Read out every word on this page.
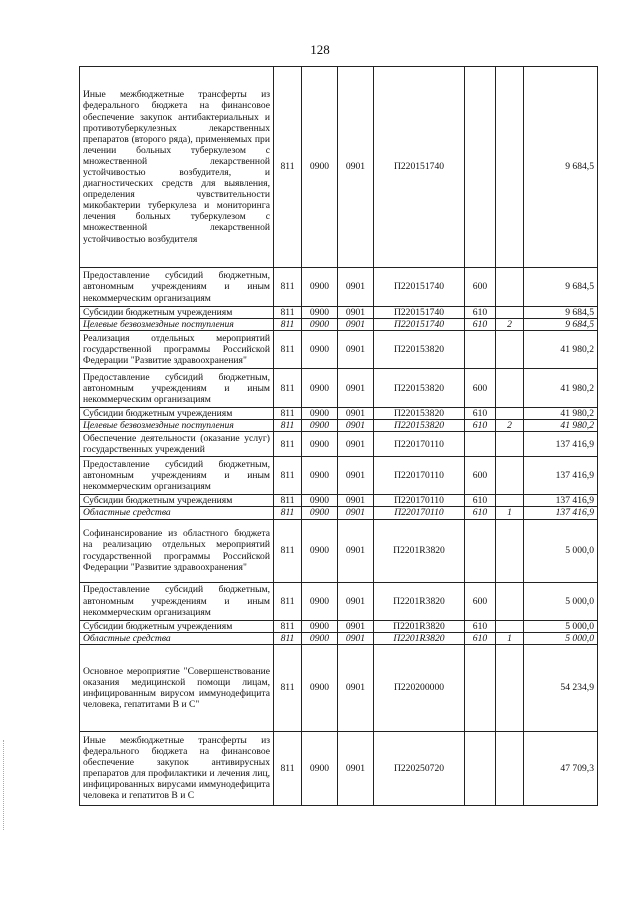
128
Иные межбюджетные трансферты из федерального бюджета на финансовое обеспечение закупок антибактериальных и противотуберкулезных лекарственных препаратов (второго ряда), применяемых при лечении больных туберкулезом с множественной лекарственной устойчивостью возбудителя, и диагностических средств для выявления, определения чувствительности микобактерии туберкулеза и мониторинга лечения больных туберкулезом с множественной лекарственной устойчивостью возбудителя	811	0900	0901	П220151740			9 684,5
Предоставление субсидий бюджетным, автономным учреждениям и иным некоммерческим организациям	811	0900	0901	П220151740	600		9 684,5
Субсидии бюджетным учреждениям	811	0900	0901	П220151740	610		9 684,5
Целевые безвозмездные поступления	811	0900	0901	П220151740	610	2	9 684,5
Реализация отдельных мероприятий государственной программы Российской Федерации "Развитие здравоохранения"	811	0900	0901	П220153820			41 980,2
Предоставление субсидий бюджетным, автономным учреждениям и иным некоммерческим организациям	811	0900	0901	П220153820	600		41 980,2
Субсидии бюджетным учреждениям	811	0900	0901	П220153820	610		41 980,2
Целевые безвозмездные поступления	811	0900	0901	П220153820	610	2	41 980,2
Обеспечение деятельности (оказание услуг) государственных учреждений	811	0900	0901	П220170110			137 416,9
Предоставление субсидий бюджетным, автономным учреждениям и иным некоммерческим организациям	811	0900	0901	П220170110	600		137 416,9
Субсидии бюджетным учреждениям	811	0900	0901	П220170110	610		137 416,9
Областные средства	811	0900	0901	П220170110	610	1	137 416,9
Софинансирование из областного бюджета на реализацию отдельных мероприятий государственной программы Российской Федерации "Развитие здравоохранения"	811	0900	0901	П2201R3820			5 000,0
Предоставление субсидий бюджетным, автономным учреждениям и иным некоммерческим организациям	811	0900	0901	П2201R3820	600		5 000,0
Субсидии бюджетным учреждениям	811	0900	0901	П2201R3820	610		5 000,0
Областные средства	811	0900	0901	П2201R3820	610	1	5 000,0
Основное мероприятие "Совершенствование оказания медицинской помощи лицам, инфицированным вирусом иммунодефицита человека, гепатитами В и С"	811	0900	0901	П220200000			54 234,9
Иные межбюджетные трансферты из федерального бюджета на финансовое обеспечение закупок антивирусных препаратов для профилактики и лечения лиц, инфицированных вирусами иммунодефицита человека и гепатитов В и С	811	0900	0901	П220250720			47 709,3
